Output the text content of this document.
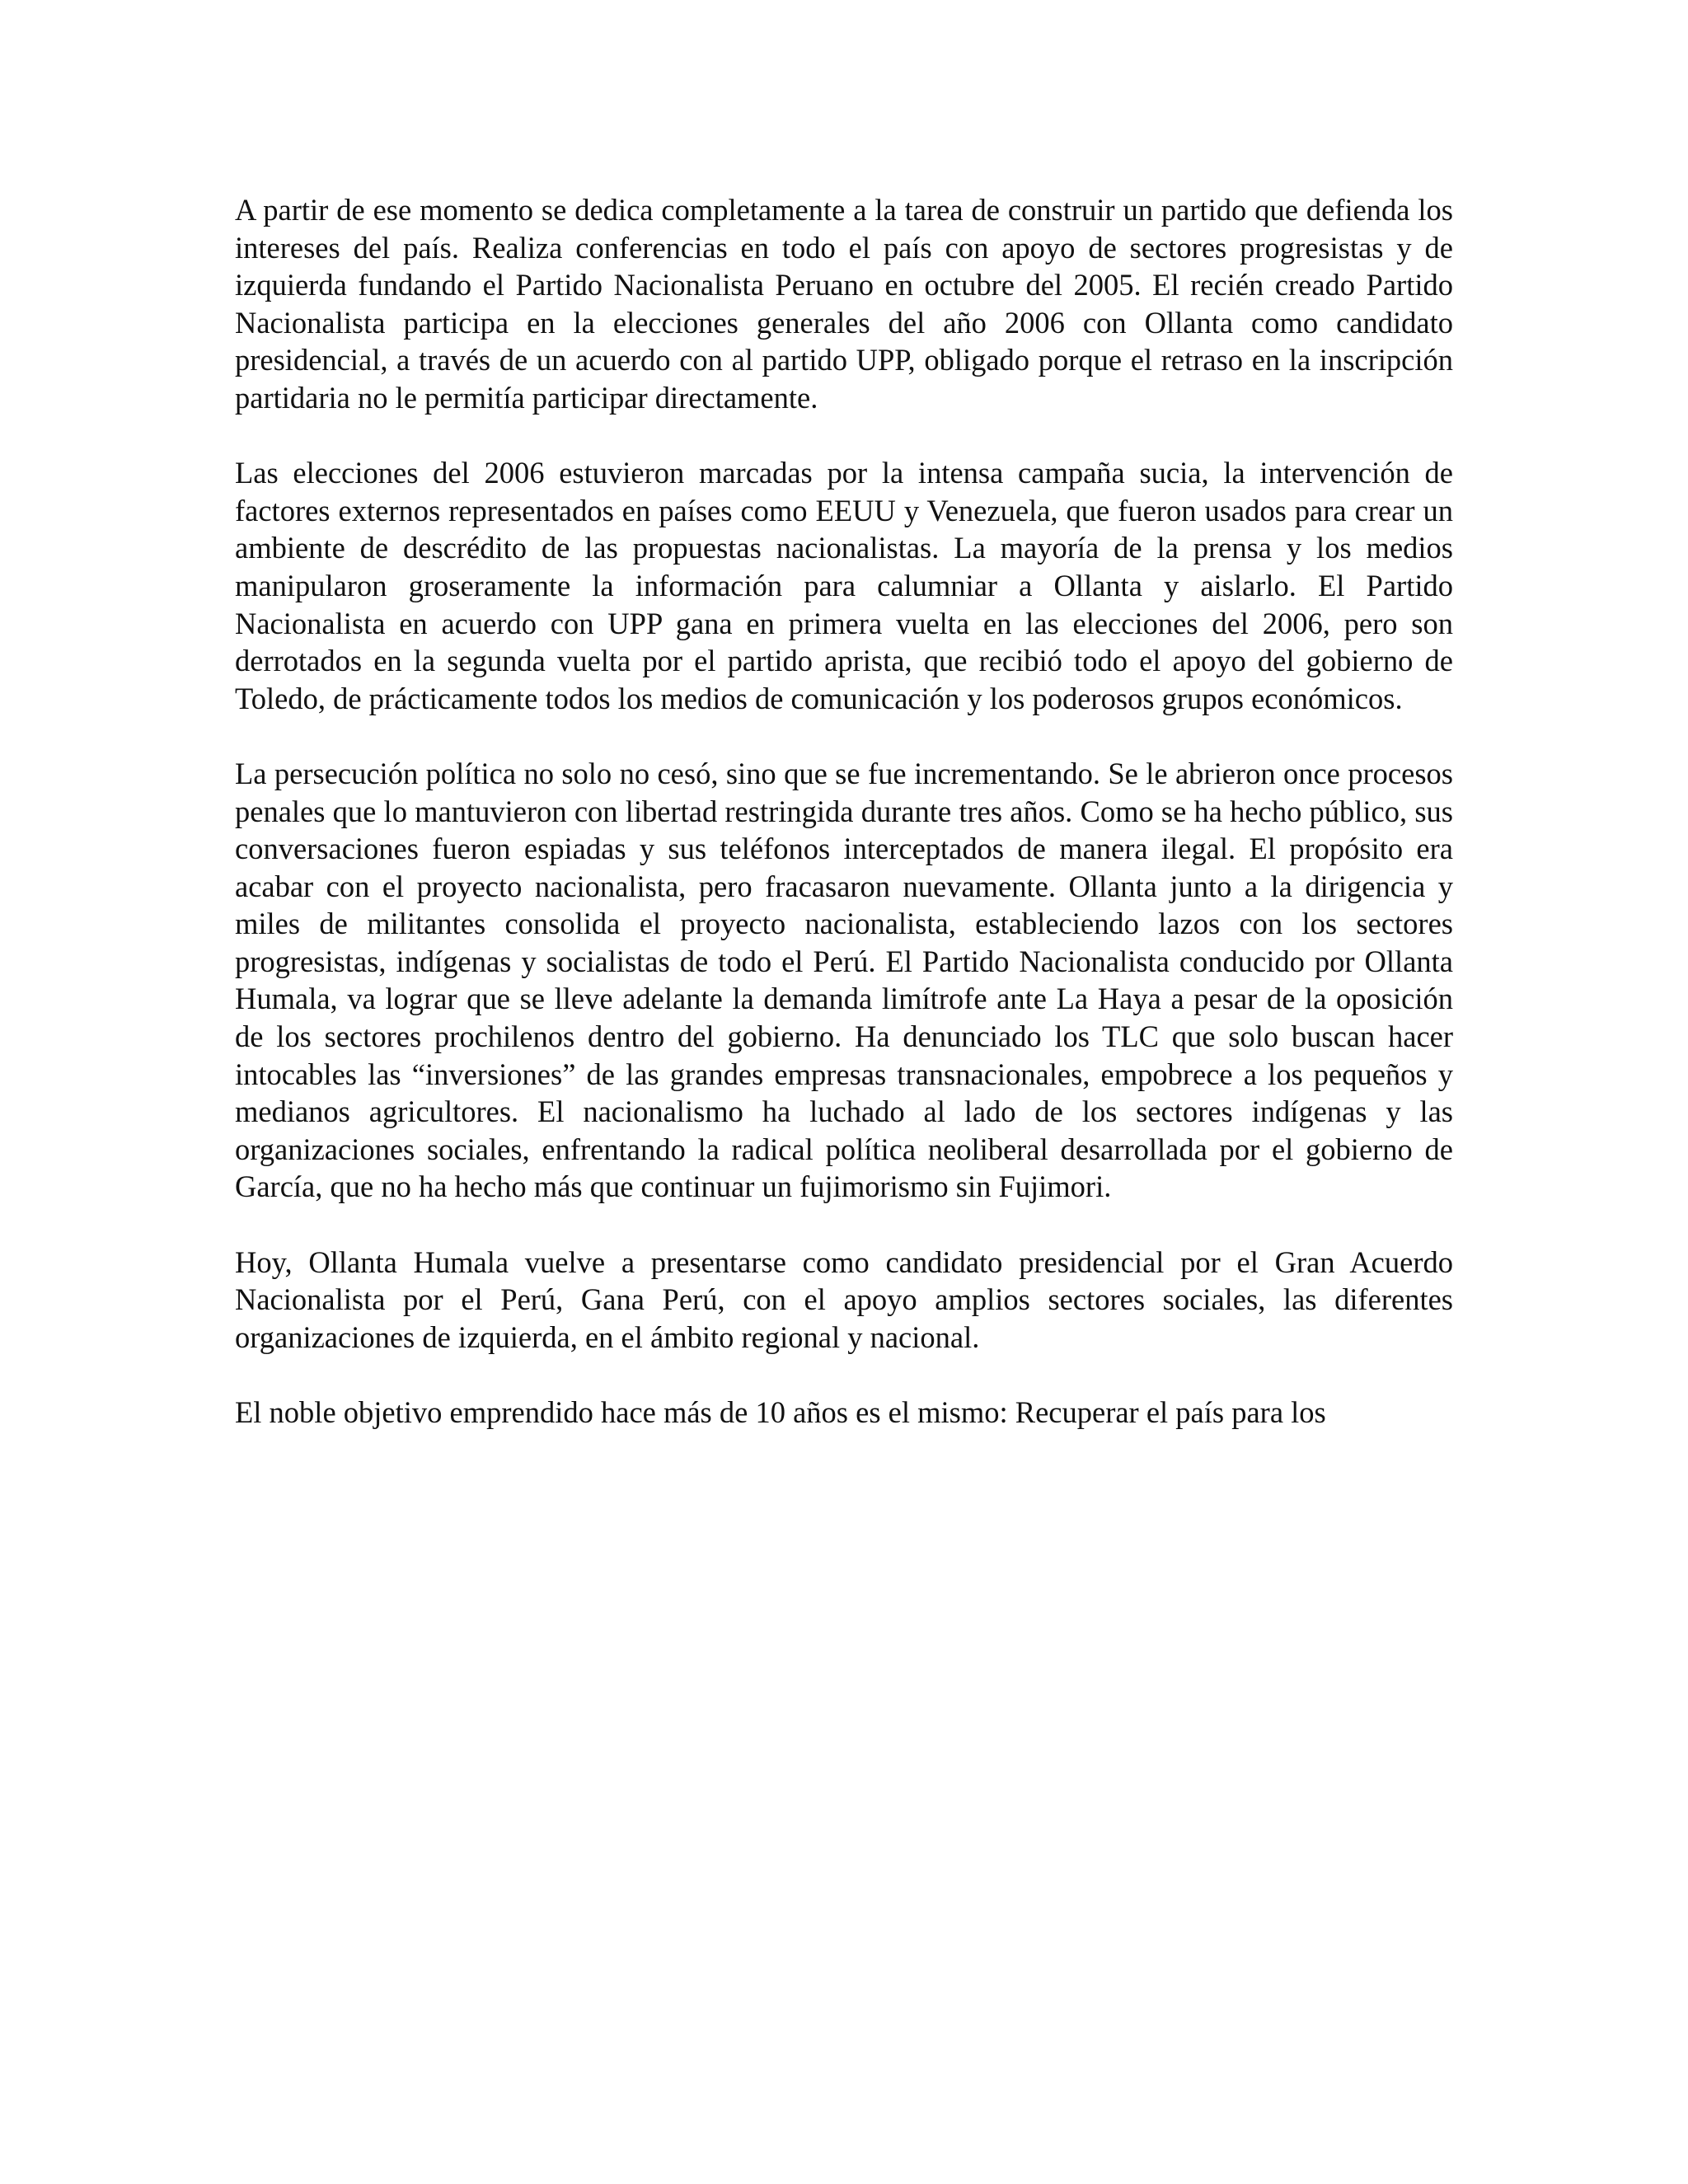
A partir de ese momento se dedica completamente a la tarea de construir un partido que defienda los intereses del país. Realiza conferencias en todo el país con apoyo de sectores progresistas y de izquierda fundando el Partido Nacionalista Peruano en octubre del 2005. El recién creado Partido Nacionalista participa en la elecciones generales del año 2006 con Ollanta como candidato presidencial, a través de un acuerdo con al partido UPP, obligado porque el retraso en la inscripción partidaria no le permitía participar directamente.

Las elecciones del 2006 estuvieron marcadas por la intensa campaña sucia, la intervención de factores externos representados en países como EEUU y Venezuela, que fueron usados para crear un ambiente de descrédito de las propuestas nacionalistas. La mayoría de la prensa y los medios manipularon groseramente la información para calumniar a Ollanta y aislarlo. El Partido Nacionalista en acuerdo con UPP gana en primera vuelta en las elecciones del 2006, pero son derrotados en la segunda vuelta por el partido aprista, que recibió todo el apoyo del gobierno de Toledo, de prácticamente todos los medios de comunicación y los poderosos grupos económicos.

La persecución política no solo no cesó, sino que se fue incrementando. Se le abrieron once procesos penales que lo mantuvieron con libertad restringida durante tres años. Como se ha hecho público, sus conversaciones fueron espiadas y sus teléfonos interceptados de manera ilegal. El propósito era acabar con el proyecto nacionalista, pero fracasaron nuevamente. Ollanta junto a la dirigencia y miles de militantes consolida el proyecto nacionalista, estableciendo lazos con los sectores progresistas, indígenas y socialistas de todo el Perú. El Partido Nacionalista conducido por Ollanta Humala, va lograr que se lleve adelante la demanda limítrofe ante La Haya a pesar de la oposición de los sectores prochilenos dentro del gobierno. Ha denunciado los TLC que solo buscan hacer intocables las “inversiones” de las grandes empresas transnacionales, empobrece a los pequeños y medianos agricultores. El nacionalismo ha luchado al lado de los sectores indígenas y las organizaciones sociales, enfrentando la radical política neoliberal desarrollada por el gobierno de García, que no ha hecho más que continuar un fujimorismo sin Fujimori.

Hoy, Ollanta Humala vuelve a presentarse como candidato presidencial por el Gran Acuerdo Nacionalista por el Perú, Gana Perú, con el apoyo amplios sectores sociales, las diferentes organizaciones de izquierda, en el ámbito regional y nacional.

El noble objetivo emprendido hace más de 10 años es el mismo: Recuperar el país para los
